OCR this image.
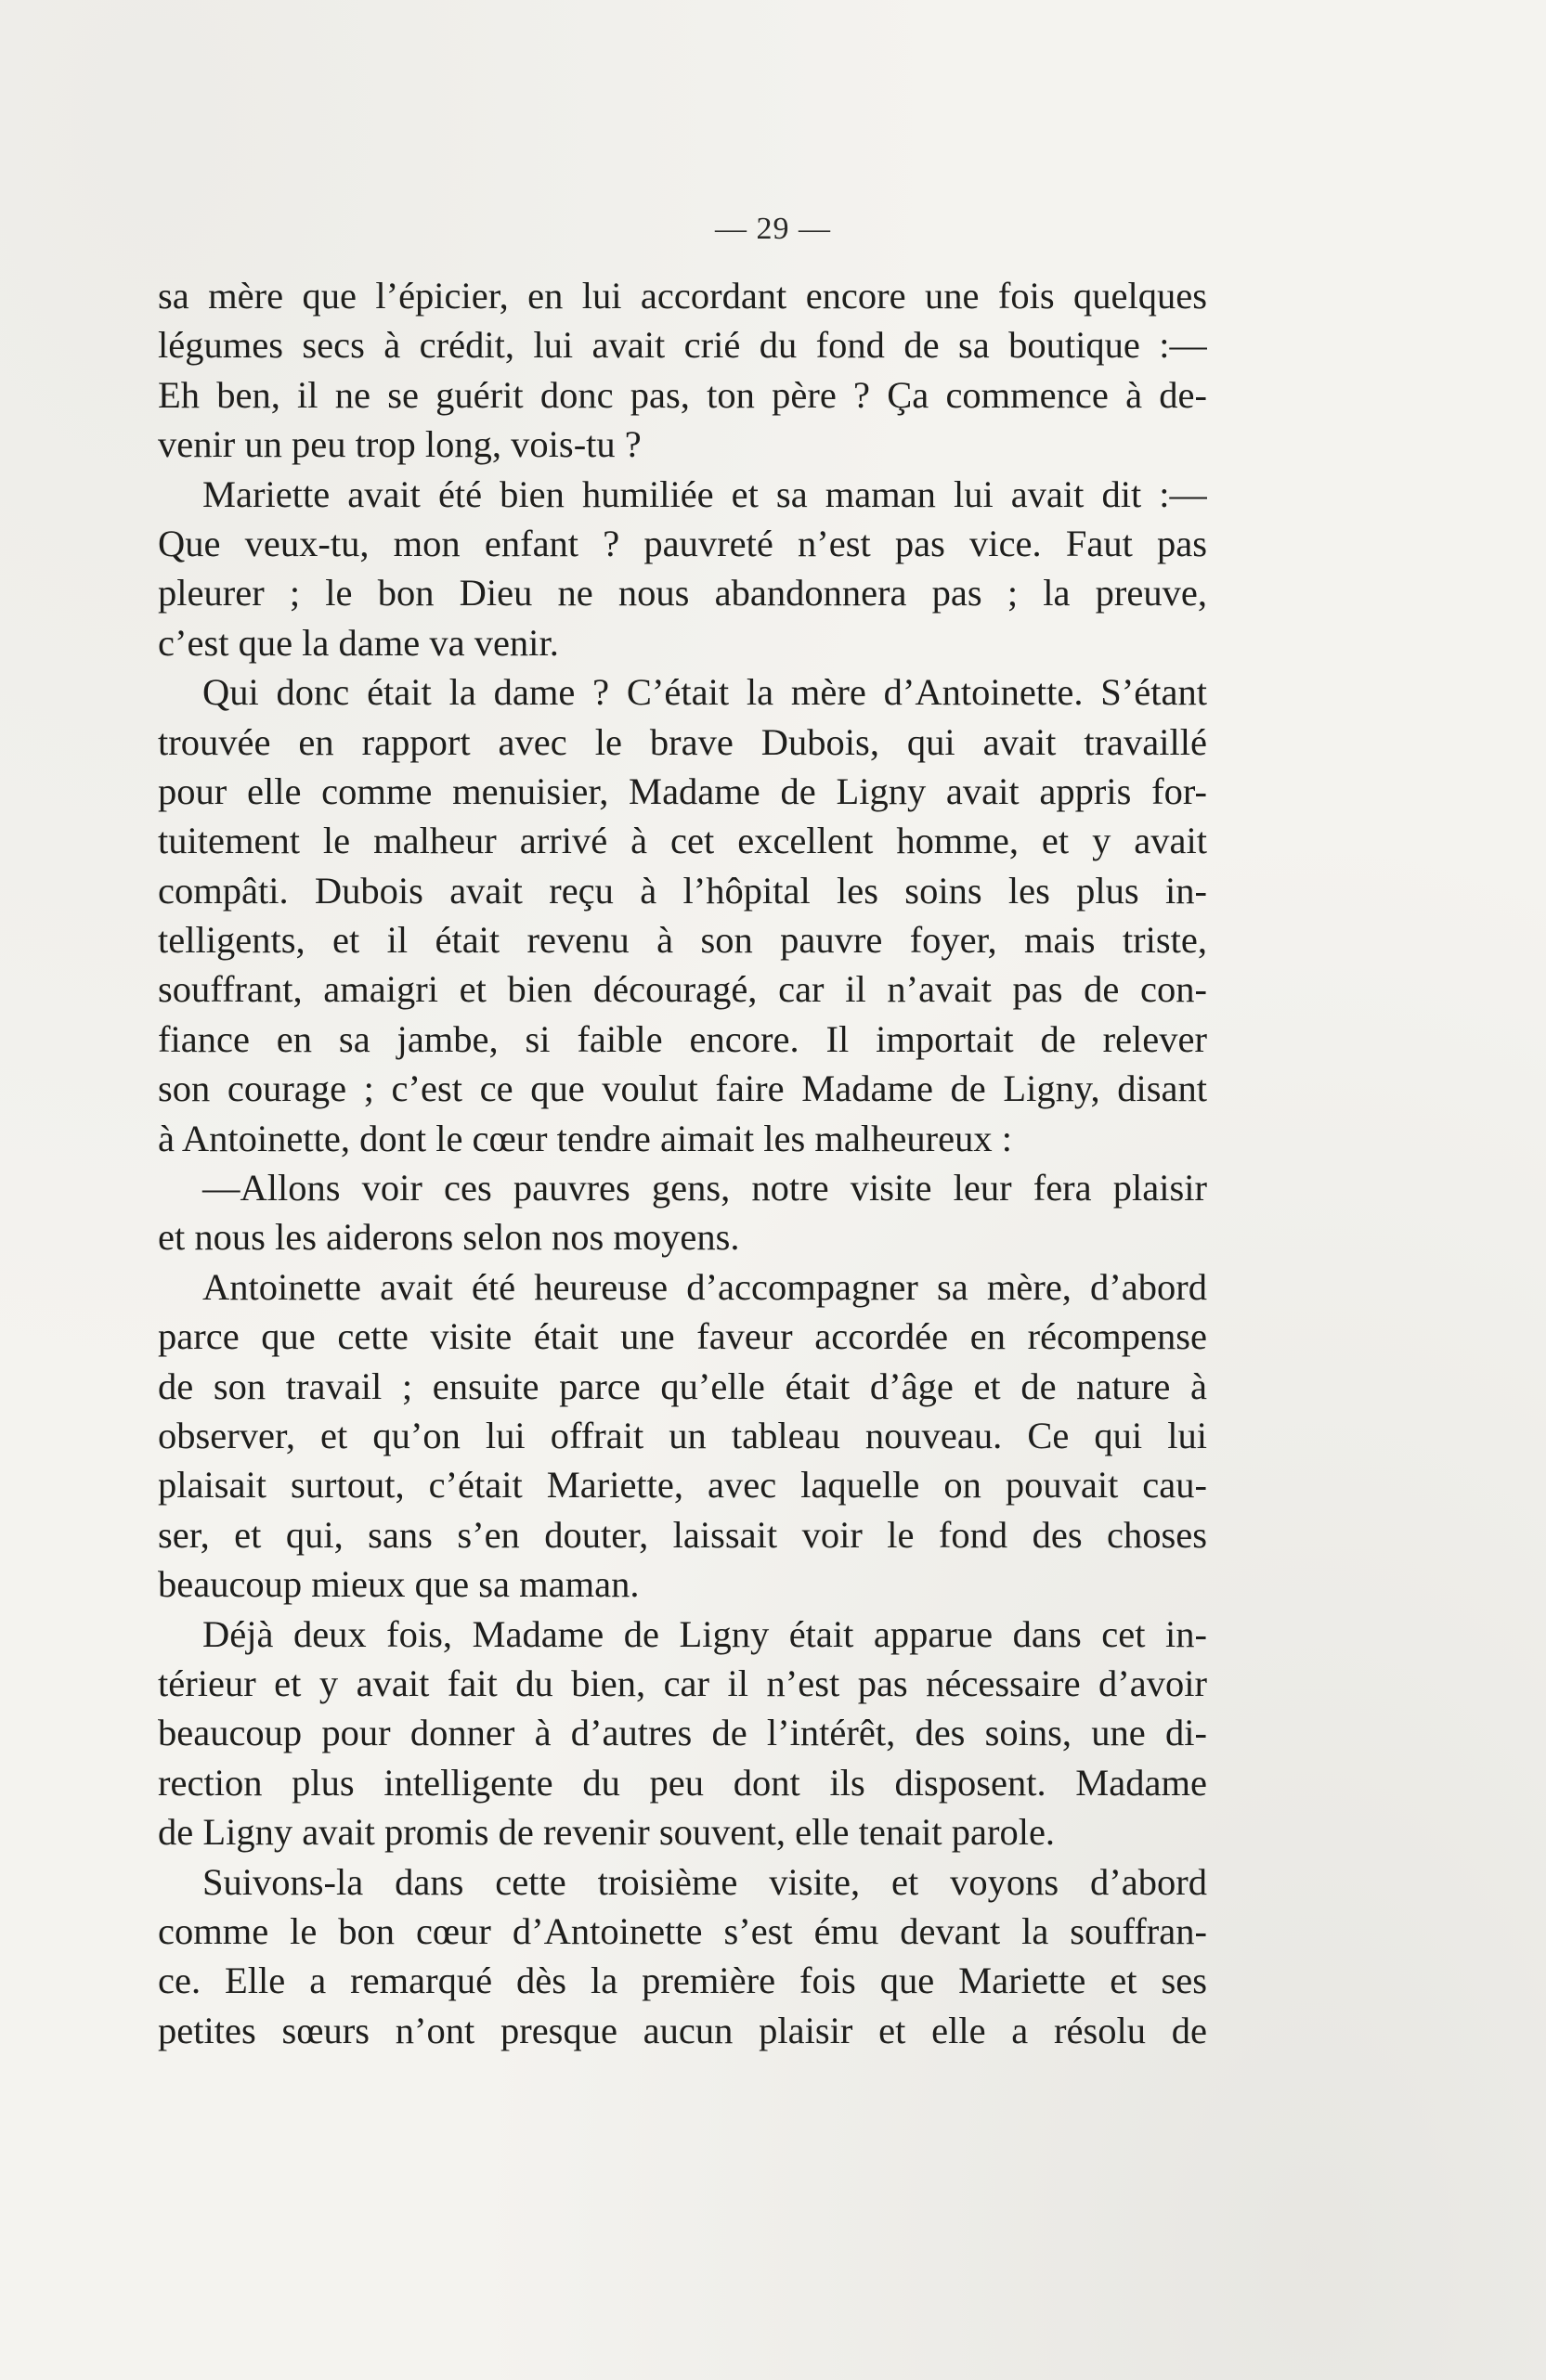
— 29 —
sa mère que l’épicier, en lui accordant encore une fois quelques
légumes secs à crédit, lui avait crié du fond de sa boutique :—
Eh ben, il ne se guérit donc pas, ton père ? Ça commence à de-
venir un peu trop long, vois-tu ?
Mariette avait été bien humiliée et sa maman lui avait dit :—
Que veux-tu, mon enfant ? pauvreté n’est pas vice. Faut pas
pleurer ; le bon Dieu ne nous abandonnera pas ; la preuve,
c’est que la dame va venir.
Qui donc était la dame ? C’était la mère d’Antoinette. S’étant
trouvée en rapport avec le brave Dubois, qui avait travaillé
pour elle comme menuisier, Madame de Ligny avait appris for-
tuitement le malheur arrivé à cet excellent homme, et y avait
compâti. Dubois avait reçu à l’hôpital les soins les plus in-
telligents, et il était revenu à son pauvre foyer, mais triste,
souffrant, amaigri et bien découragé, car il n’avait pas de con-
fiance en sa jambe, si faible encore. Il importait de relever
son courage ; c’est ce que voulut faire Madame de Ligny, disant
à Antoinette, dont le cœur tendre aimait les malheureux :
—Allons voir ces pauvres gens, notre visite leur fera plaisir
et nous les aiderons selon nos moyens.
Antoinette avait été heureuse d’accompagner sa mère, d’abord
parce que cette visite était une faveur accordée en récompense
de son travail ; ensuite parce qu’elle était d’âge et de nature à
observer, et qu’on lui offrait un tableau nouveau. Ce qui lui
plaisait surtout, c’était Mariette, avec laquelle on pouvait cau-
ser, et qui, sans s’en douter, laissait voir le fond des choses
beaucoup mieux que sa maman.
Déjà deux fois, Madame de Ligny était apparue dans cet in-
térieur et y avait fait du bien, car il n’est pas nécessaire d’avoir
beaucoup pour donner à d’autres de l’intérêt, des soins, une di-
rection plus intelligente du peu dont ils disposent. Madame
de Ligny avait promis de revenir souvent, elle tenait parole.
Suivons-la dans cette troisième visite, et voyons d’abord
comme le bon cœur d’Antoinette s’est ému devant la souffran-
ce. Elle a remarqué dès la première fois que Mariette et ses
petites sœurs n’ont presque aucun plaisir et elle a résolu de
